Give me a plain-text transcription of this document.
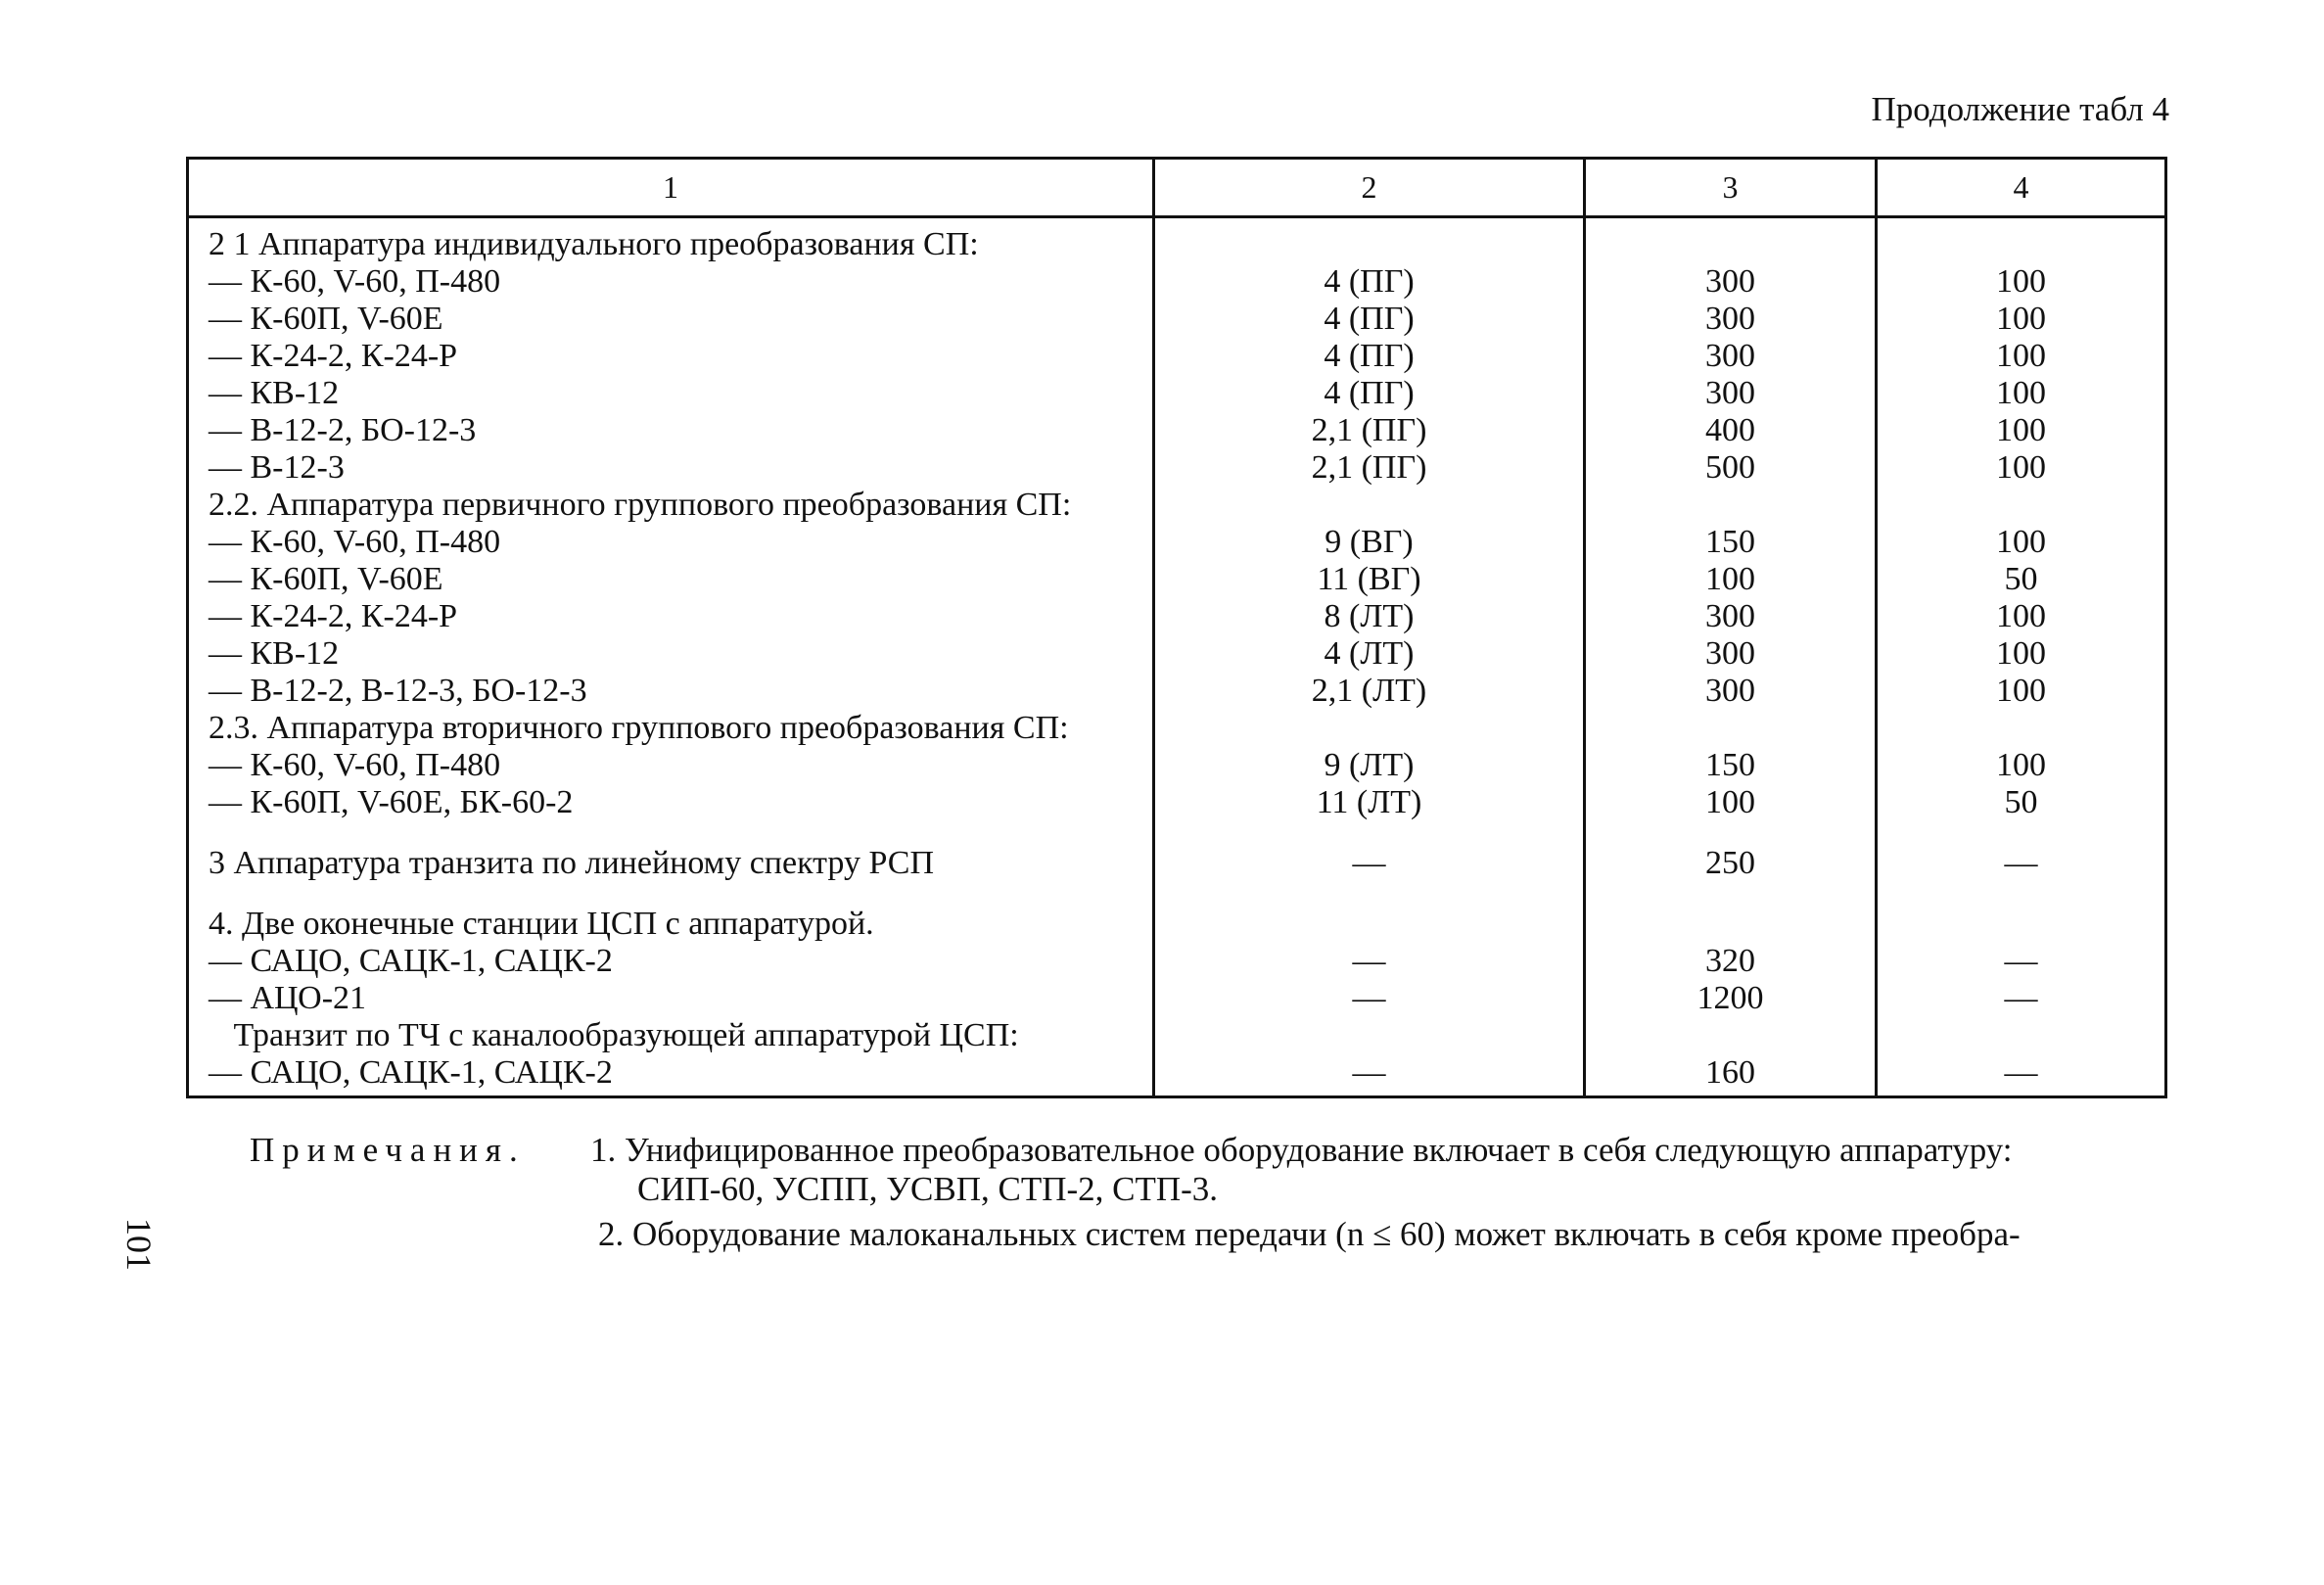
Продолжение табл 4
1	2	3	4
2 1 Аппаратура индивидуального преобразования СП:
— К-60, V-60, П-480	4 (ПГ)	300	100
— К-60П, V-60Е	4 (ПГ)	300	100
— К-24-2, К-24-Р	4 (ПГ)	300	100
— КВ-12	4 (ПГ)	300	100
— В-12-2, БО-12-3	2,1 (ПГ)	400	100
— В-12-3	2,1 (ПГ)	500	100
2.2. Аппаратура первичного группового преобразования СП:
— К-60, V-60, П-480	9 (ВГ)	150	100
— К-60П, V-60Е	11 (ВГ)	100	50
— К-24-2, К-24-Р	8 (ЛТ)	300	100
— КВ-12	4 (ЛТ)	300	100
— В-12-2, В-12-3, БО-12-3	2,1 (ЛТ)	300	100
2.3. Аппаратура вторичного группового преобразования СП:
— К-60, V-60, П-480	9 (ЛТ)	150	100
— К-60П, V-60Е, БК-60-2	11 (ЛТ)	100	50
3 Аппаратура транзита по линейному спектру РСП	—	250	—
4. Две оконечные станции ЦСП с аппаратурой.
— САЦО, САЦК-1, САЦК-2	—	320	—
— АЦО-21	—	1200	—
Транзит по ТЧ с каналообразующей аппаратурой ЦСП:
— САЦО, САЦК-1, САЦК-2	—	160	—
Примечания. 1. Унифицированное преобразовательное оборудование включает в себя следующую аппаратуру:
СИП-60, УСПП, УСВП, СТП-2, СТП-3.
2. Оборудование малоканальных систем передачи (n ≤ 60) может включать в себя кроме преобра-
101
